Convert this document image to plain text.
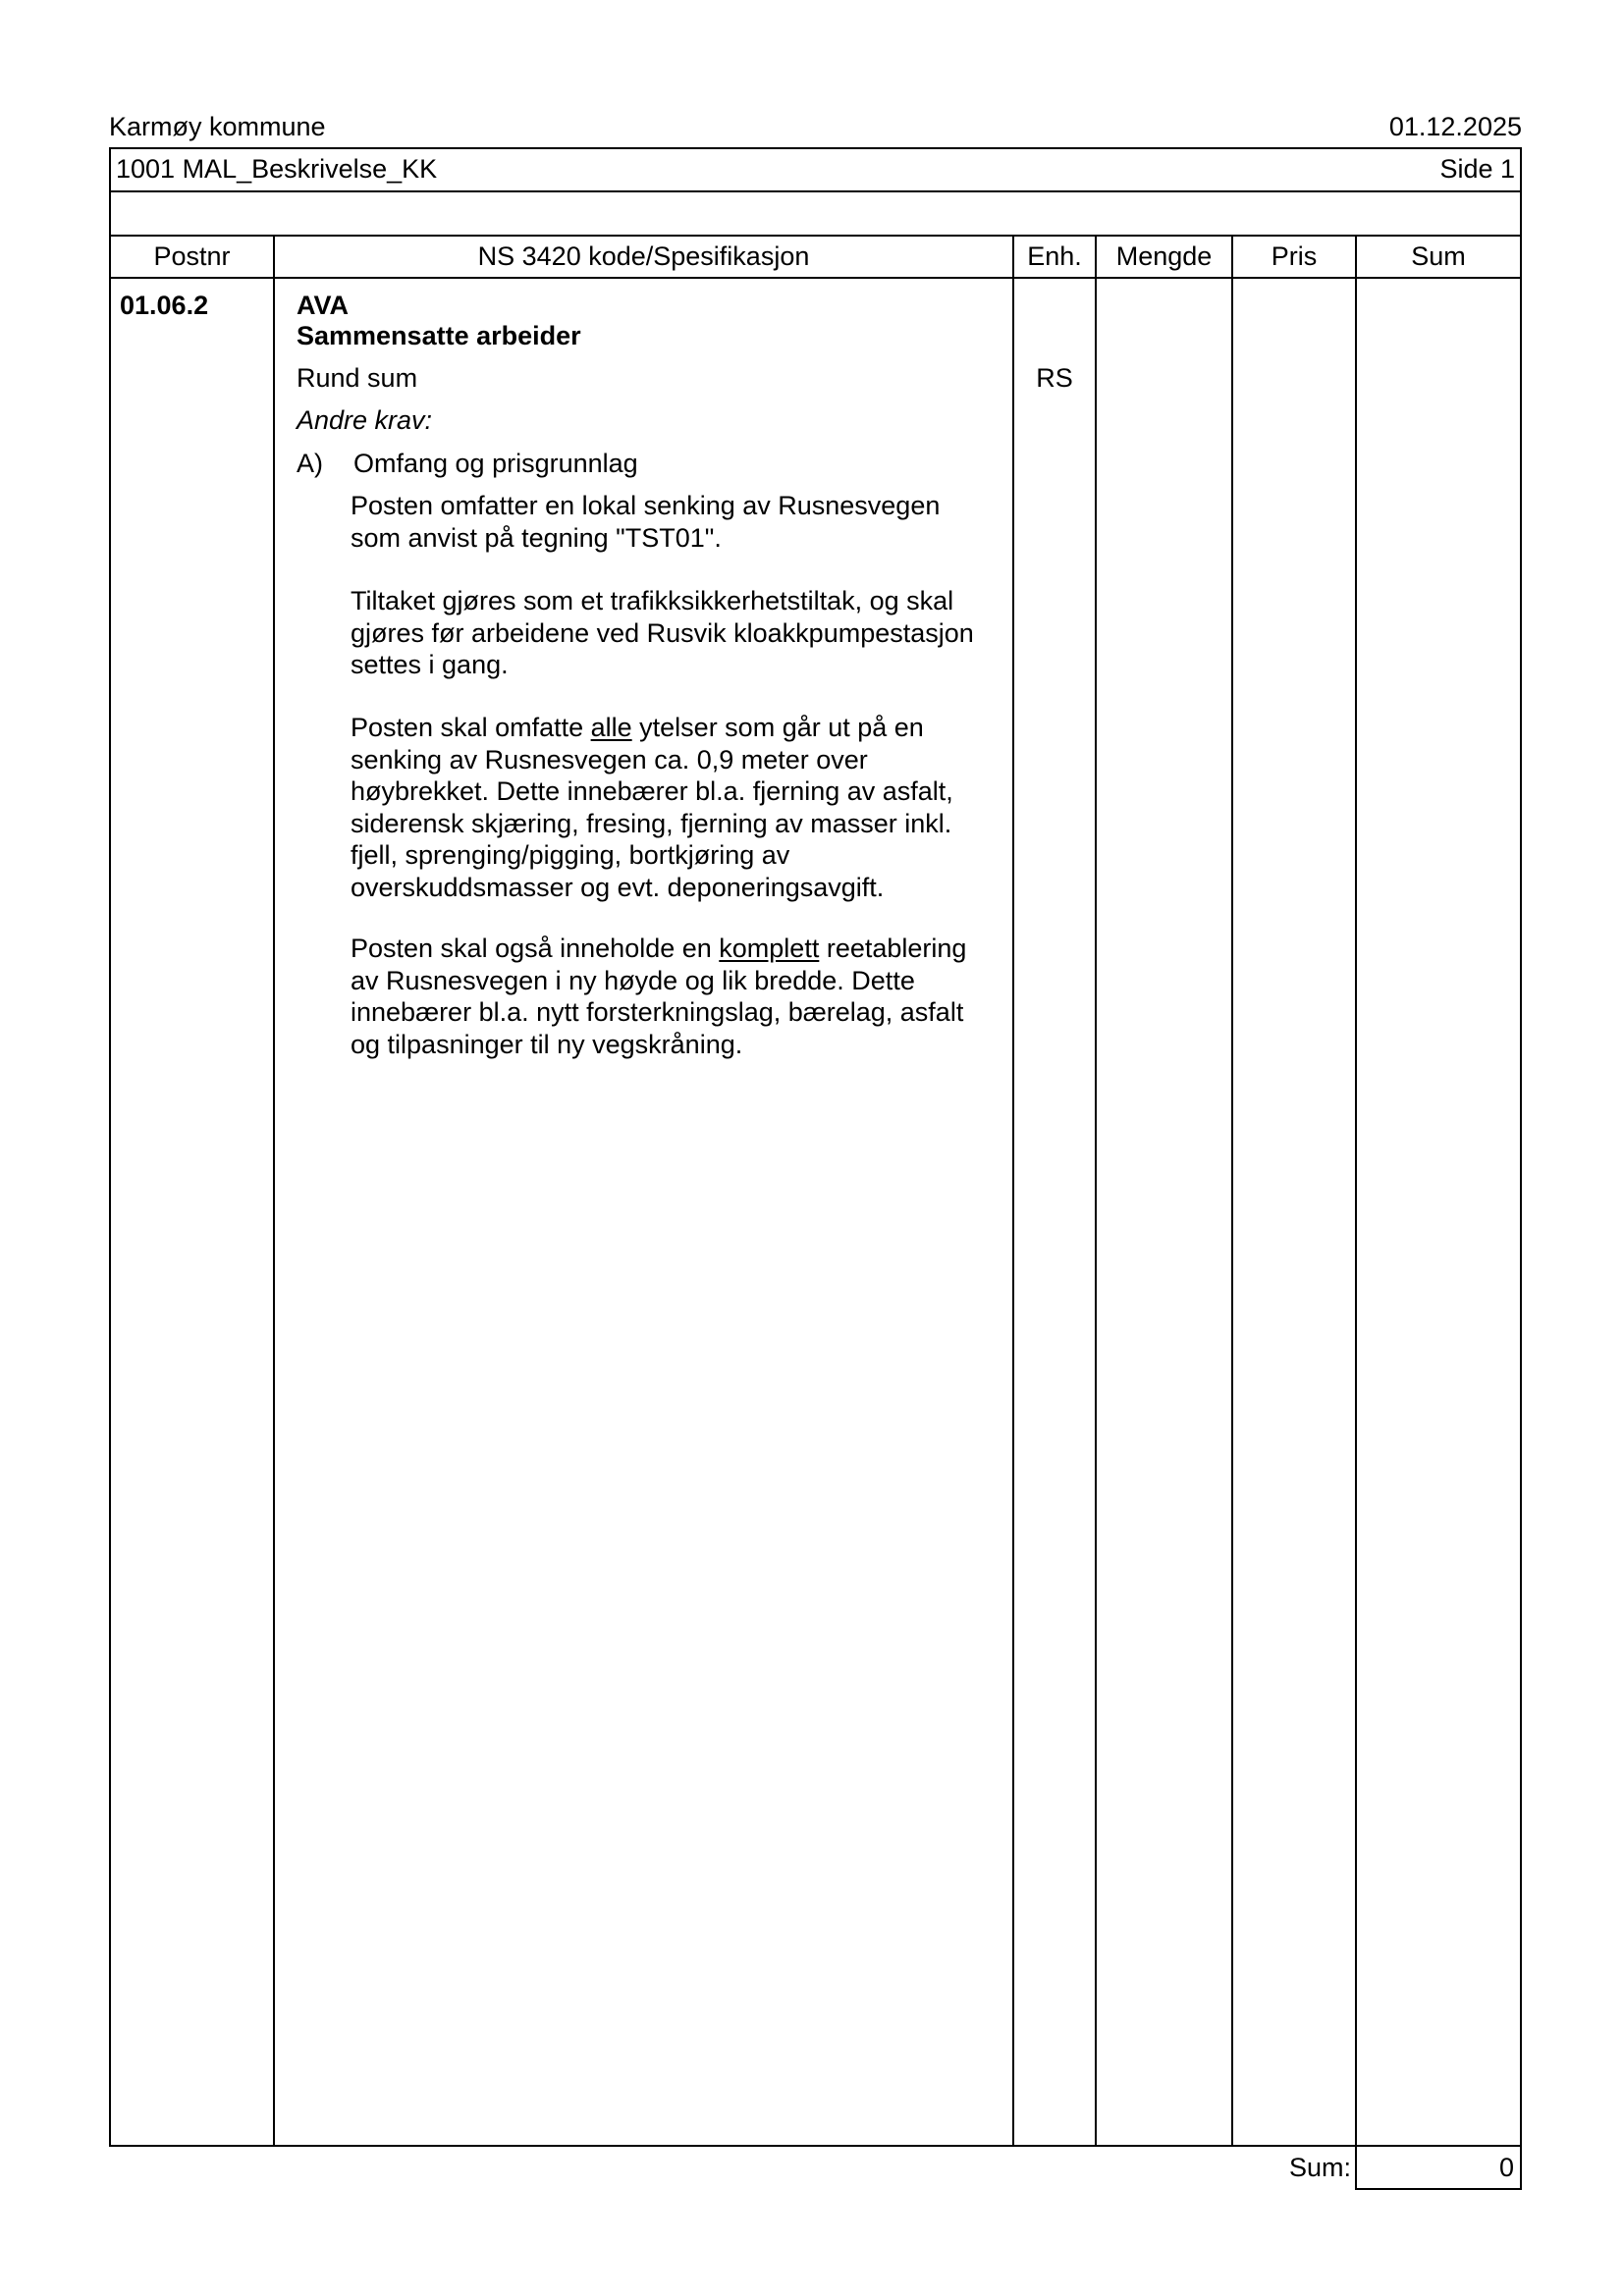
Karmøy kommune	01.12.2025
1001 MAL_Beskrivelse_KK	Side 1
Postnr	NS 3420 kode/Spesifikasjon	Enh.	Mengde	Pris	Sum
01.06.2	AVA
Sammensatte arbeider
Rund sum	RS
Andre krav:
A) Omfang og prisgrunnlag
Posten omfatter en lokal senking av Rusnesvegen
som anvist på tegning "TST01".
Tiltaket gjøres som et trafikksikkerhetstiltak, og skal
gjøres før arbeidene ved Rusvik kloakkpumpestasjon
settes i gang.
Posten skal omfatte alle ytelser som går ut på en
senking av Rusnesvegen ca. 0,9 meter over
høybrekket. Dette innebærer bl.a. fjerning av asfalt,
siderensk skjæring, fresing, fjerning av masser inkl.
fjell, sprenging/pigging, bortkjøring av
overskuddsmasser og evt. deponeringsavgift.
Posten skal også inneholde en komplett reetablering
av Rusnesvegen i ny høyde og lik bredde. Dette
innebærer bl.a. nytt forsterkningslag, bærelag, asfalt
og tilpasninger til ny vegskråning.
Sum:	0
